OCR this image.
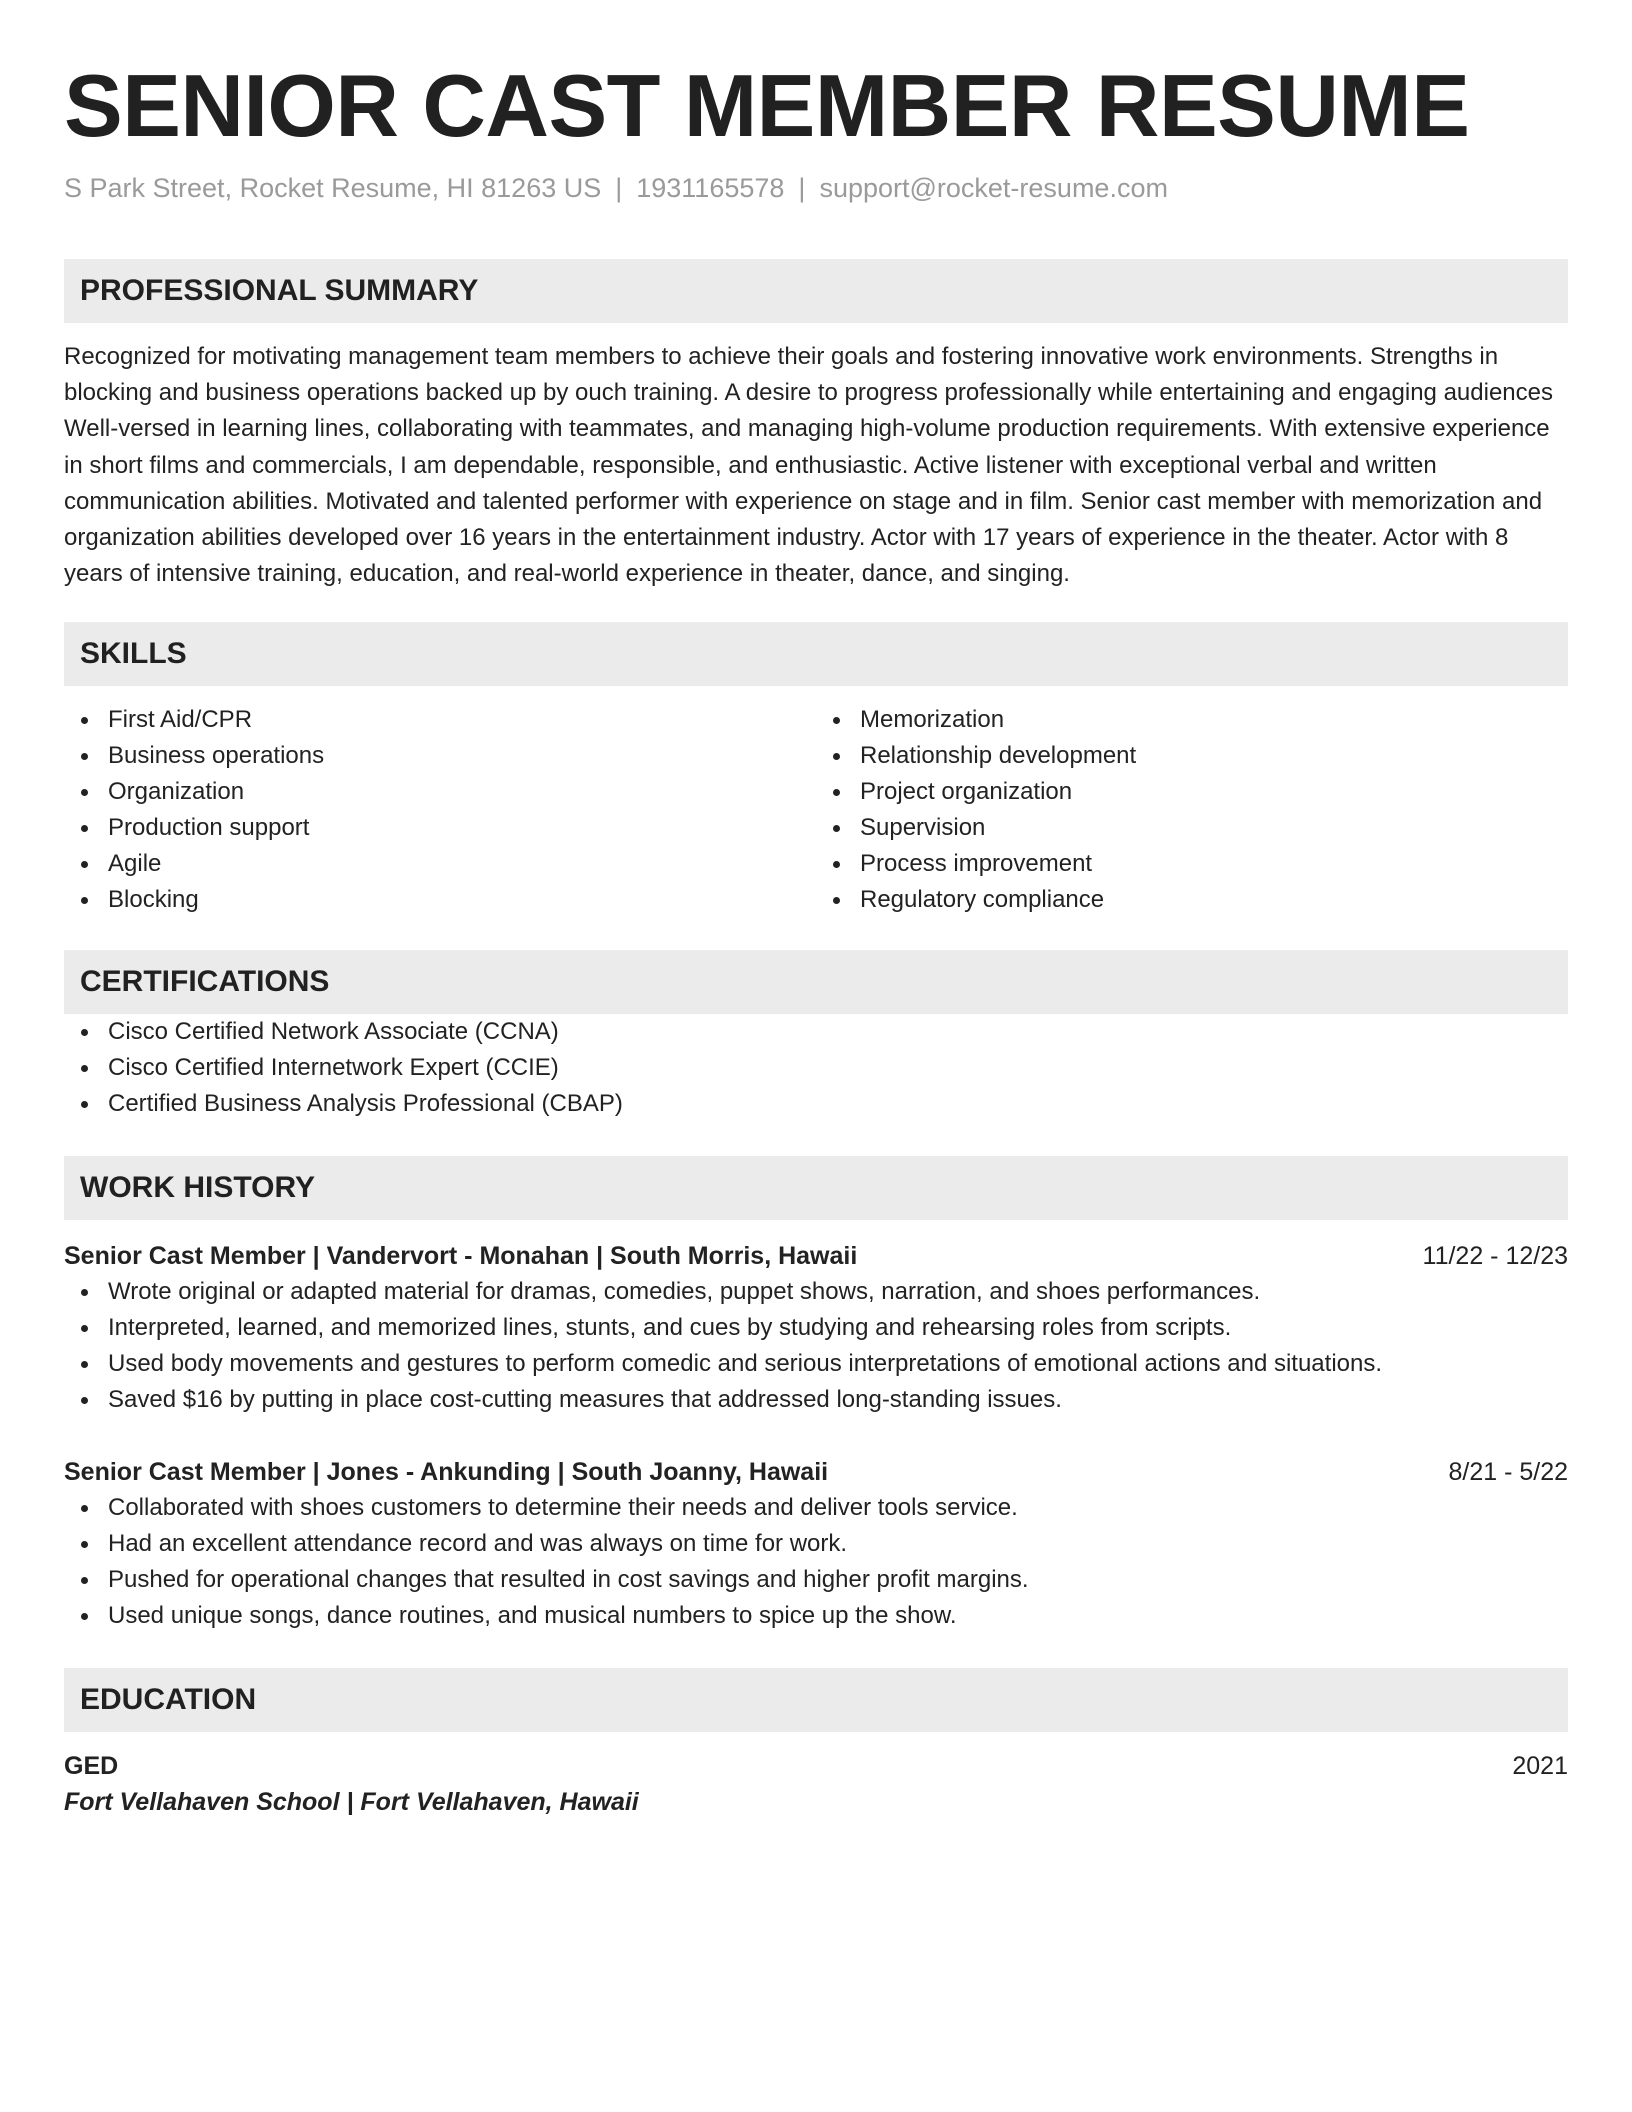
SENIOR CAST MEMBER RESUME
S Park Street, Rocket Resume, HI 81263 US | 1931165578 | support@rocket-resume.com
PROFESSIONAL SUMMARY

Recognized for motivating management team members to achieve their goals and fostering innovative work environments. Strengths in blocking and business operations backed up by ouch training. A desire to progress professionally while entertaining and engaging audiences Well-versed in learning lines, collaborating with teammates, and managing high-volume production requirements. With extensive experience in short films and commercials, I am dependable, responsible, and enthusiastic. Active listener with exceptional verbal and written communication abilities. Motivated and talented performer with experience on stage and in film. Senior cast member with memorization and organization abilities developed over 16 years in the entertainment industry. Actor with 17 years of experience in the theater. Actor with 8 years of intensive training, education, and real-world experience in theater, dance, and singing.

SKILLS
First Aid/CPR
Business operations
Organization
Production support
Agile
Blocking
Memorization
Relationship development
Project organization
Supervision
Process improvement
Regulatory compliance
CERTIFICATIONS
Cisco Certified Network Associate (CCNA)
Cisco Certified Internetwork Expert (CCIE)
Certified Business Analysis Professional (CBAP)
WORK HISTORY
Senior Cast Member | Vandervort - Monahan | South Morris, Hawaii	11/22 - 12/23
Wrote original or adapted material for dramas, comedies, puppet shows, narration, and shoes performances.
Interpreted, learned, and memorized lines, stunts, and cues by studying and rehearsing roles from scripts.
Used body movements and gestures to perform comedic and serious interpretations of emotional actions and situations.
Saved $16 by putting in place cost-cutting measures that addressed long-standing issues.
Senior Cast Member | Jones - Ankunding | South Joanny, Hawaii	8/21 - 5/22
Collaborated with shoes customers to determine their needs and deliver tools service.
Had an excellent attendance record and was always on time for work.
Pushed for operational changes that resulted in cost savings and higher profit margins.
Used unique songs, dance routines, and musical numbers to spice up the show.
EDUCATION
GED	2021
Fort Vellahaven School | Fort Vellahaven, Hawaii
